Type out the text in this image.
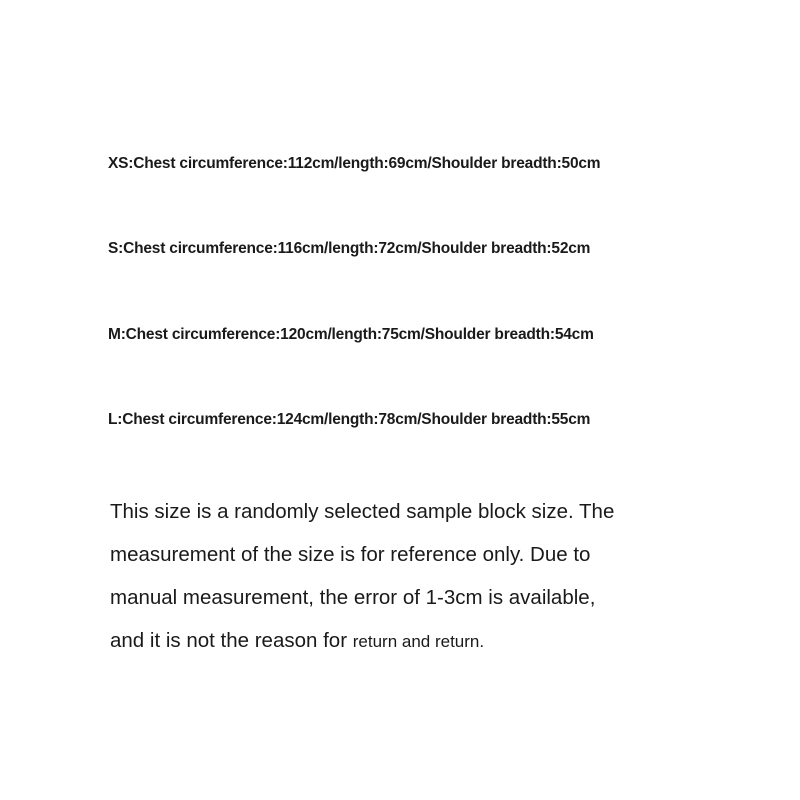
XS:Chest circumference:112cm/length:69cm/Shoulder breadth:50cm
S:Chest circumference:116cm/length:72cm/Shoulder breadth:52cm
M:Chest circumference:120cm/length:75cm/Shoulder breadth:54cm
L:Chest circumference:124cm/length:78cm/Shoulder breadth:55cm
This size is a randomly selected sample block size. The
measurement of the size is for reference only. Due to
manual measurement, the error of 1-3cm is available,
and it is not the reason for return and return.
